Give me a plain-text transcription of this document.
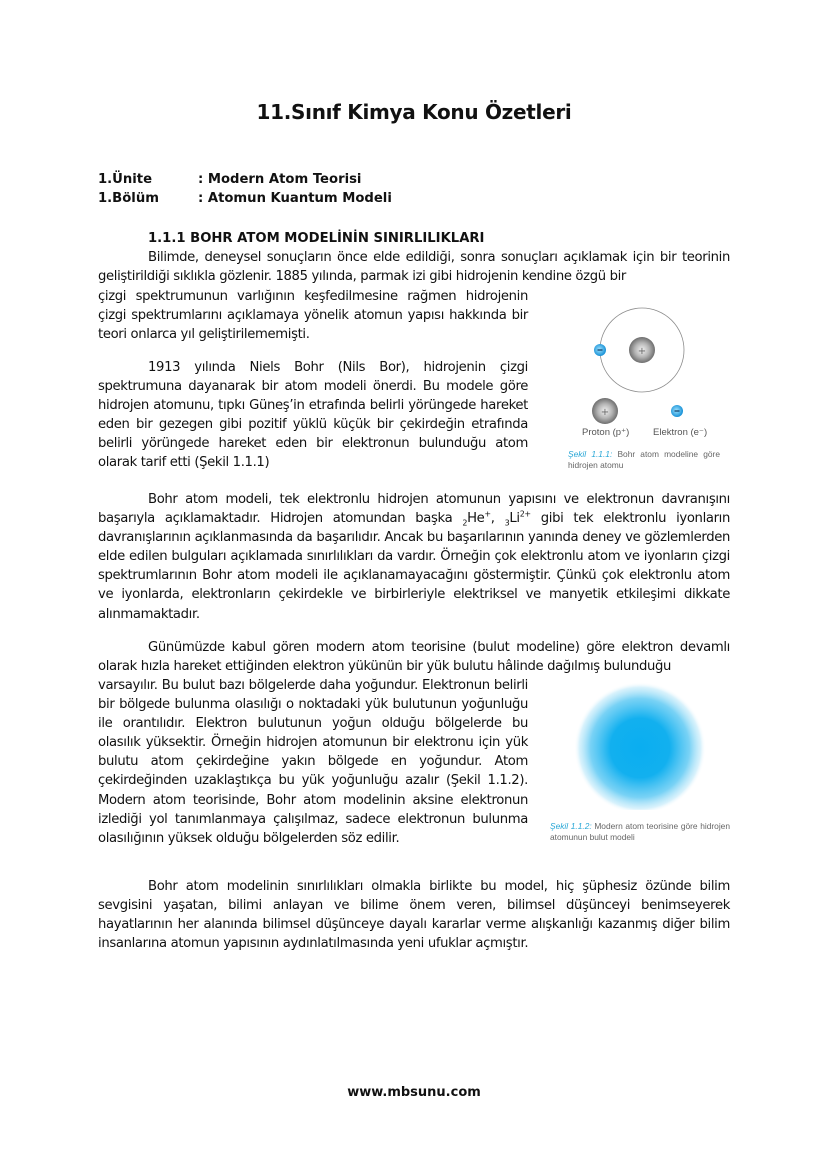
11.Sınıf Kimya Konu Özetleri
1.Ünite	: Modern Atom Teorisi
1.Bölüm	: Atomun Kuantum Modeli
1.1.1 BOHR ATOM MODELİNİN SINIRLILIKLARI
Bilimde, deneysel sonuçların önce elde edildiği, sonra sonuçları açıklamak için bir teorinin geliştirildiği sıklıkla gözlenir. 1885 yılında, parmak izi gibi hidrojenin kendine özgü bir
çizgi spektrumunun varlığının keşfedilmesine rağmen hidrojenin çizgi spektrumlarını açıklamaya yönelik atomun yapısı hakkında bir teori onlarca yıl geliştirilememişti.
1913 yılında Niels Bohr (Nils Bor), hidrojenin çizgi spektrumuna dayanarak bir atom modeli önerdi. Bu modele göre hidrojen atomunu, tıpkı Güneş’in etrafında belirli yörüngede hareket eden bir gezegen gibi pozitif yüklü küçük bir çekirdeğin etrafında belirli yörüngede hareket eden bir elektronun bulunduğu atom olarak tarif etti (Şekil 1.1.1)
+
+
Proton (p⁺) Elektron (e⁻)
Şekil 1.1.1: Bohr atom modeline göre hidrojen atomu
Bohr atom modeli, tek elektronlu hidrojen atomunun yapısını ve elektronun davranışını başarıyla açıklamaktadır. Hidrojen atomundan başka $_2$He+, $_3Li^{2+}$ gibi tek elektronlu iyonların davranışlarının açıklanmasında da başarılıdır. Ancak bu başarılarının yanında deney ve gözlemlerden elde edilen bulguları açıklamada sınırlılıkları da vardır. Örneğin çok elektronlu atom ve iyonların çizgi spektrumlarının Bohr atom modeli ile açıklanamayacağını göstermiştir. Çünkü çok elektronlu atom ve iyonlarda, elektronların çekirdekle ve birbirleriyle elektriksel ve manyetik etkileşimi dikkate alınmamaktadır.
Günümüzde kabul gören modern atom teorisine (bulut modeline) göre elektron devamlı olarak hızla hareket ettiğinden elektron yükünün bir yük bulutu hâlinde dağılmış bulunduğu
varsayılır. Bu bulut bazı bölgelerde daha yoğundur. Elektronun belirli bir bölgede bulunma olasılığı o noktadaki yük bulutunun yoğunluğu ile orantılıdır. Elektron bulutunun yoğun olduğu bölgelerde bu olasılık yüksektir. Örneğin hidrojen atomunun bir elektronu için yük bulutu atom çekirdeğine yakın bölgede en yoğundur. Atom çekirdeğinden uzaklaştıkça bu yük yoğunluğu azalır (Şekil 1.1.2). Modern atom teorisinde, Bohr atom modelinin aksine elektronun izlediği yol tanımlanmaya çalışılmaz, sadece elektronun bulunma olasılığının yüksek olduğu bölgelerden söz edilir.
Şekil 1.1.2: Modern atom teorisine göre hidrojen atomunun bulut modeli
Bohr atom modelinin sınırlılıkları olmakla birlikte bu model, hiç şüphesiz özünde bilim sevgisini yaşatan, bilimi anlayan ve bilime önem veren, bilimsel düşünceyi benimseyerek hayatlarının her alanında bilimsel düşünceye dayalı kararlar verme alışkanlığı kazanmış diğer bilim insanlarına atomun yapısının aydınlatılmasında yeni ufuklar açmıştır.
www.mbsunu.com
